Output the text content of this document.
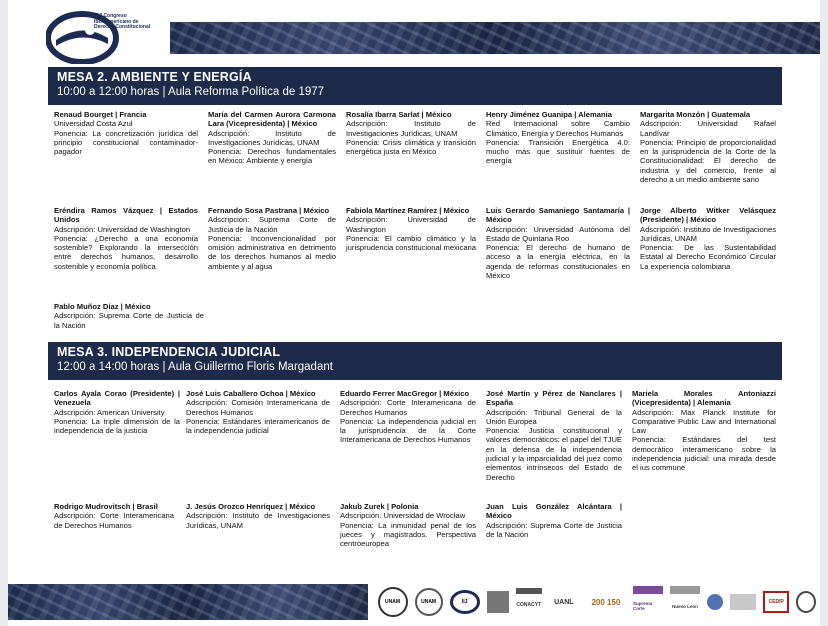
XVI Congreso Iberoamericano de Derecho Constitucional
MESA 2. AMBIENTE Y ENERGÍA
10:00 a 12:00 horas | Aula Reforma Política de 1977
Renaud Bourget | Francia
Universidad Costa Azul
Ponencia: La concretización jurídica del principio constitucional contaminador-pagador
María del Carmen Aurora Carmona Lara (Vicepresidenta) | México
Adscripción: Instituto de Investigaciones Jurídicas, UNAM
Ponencia: Derechos fundamentales en México: Ambiente y energía
Rosalía Ibarra Sarlat | México
Adscripción: Instituto de Investigaciones Jurídicas, UNAM
Ponencia: Crisis climática y transición energética justa en México
Henry Jiménez Guanipa | Alemania
Red Internacional sobre Cambio Climático, Energía y Derechos Humanos
Ponencia: Transición Energética 4.0: mucho más que sustituir fuentes de energía
Margarita Monzón | Guatemala
Adscripción: Universidad Rafael Landívar
Ponencia: Principio de proporcionalidad en la jurisprudencia de la Corte de la Constitucionalidad: El derecho de industria y del comercio, frente al derecho a un medio ambiente sano
Eréndira Ramos Vázquez | Estados Unidos
Adscripción: Universidad de Washington
Ponencia: ¿Derecho a una economía sostenible? Explorando la intersección entre derechos humanos, desarrollo sostenible y economía política
Fernando Sosa Pastrana | México
Adscripción: Suprema Corte de Justicia de la Nación
Ponencia: Inconvencionalidad por omisión administrativa en detrimento de los derechos humanos al medio ambiente y al agua
Fabiola Martínez Ramírez | México
Adscripción: Universidad de Washington
Ponencia: El cambio climático y la jurisprudencia constitucional mexicana
Luis Gerardo Samaniego Santamaría | México
Adscripción: Universidad Autónoma del Estado de Quintana Roo
Ponencia: El derecho de humano de acceso a la energía eléctrica, en la agenda de reformas constitucionales en México
Jorge Alberto Witker Velásquez (Presidente) | México
Adscripción: Instituto de Investigaciones Jurídicas, UNAM
Ponencia: De las Sustentabilidad Estatal al Derecho Económico Circular La experiencia colombiana
Pablo Muñoz Díaz | México
Adscripción: Suprema Corte de Justicia de la Nación
MESA 3. INDEPENDENCIA JUDICIAL
12:00 a 14:00 horas | Aula Guillermo Floris Margadant
Carlos Ayala Corao (Presidente) | Venezuela
Adscripción: American University
Ponencia: La triple dimensión de la independencia de la justicia
José Luis Caballero Ochoa | México
Adscripción: Comisión Interamericana de Derechos Humanos
Ponencia: Estándares interamericanos de la independencia judicial
Eduardo Ferrer MacGregor | México
Adscripción: Corte Interamericana de Derechos Humanos
Ponencia: La independencia judicial en la jurisprudencia de la Corte Interamericana de Derechos Humanos
José Martín y Pérez de Nanclares | España
Adscripción: Tribunal General de la Unión Europea
Ponencia: Justicia constitucional y valores democráticos: el papel del TJUE en la defensa de la independencia judicial y la imparcialidad del juez como elementos intrínsecos del Estado de Derecho
Mariela Morales Antoniazzi (Vicepresidenta) | Alemania
Adscripción: Max Planck Institute for Comparative Public Law and International Law
Ponencia: Estándares del test democrático interamericano sobre la independencia judicial: una mirada desde el ius commune
Rodrigo Mudrovitsch | Brasil
Adscripción: Corte Interamericana de Derechos Humanos
J. Jesús Orozco Henríquez | México
Adscripción: Instituto de Investigaciones Jurídicas, UNAM
Jakub Zurek | Polonia
Adscripción: Universidad de Wrocław
Ponencia: La inmunidad penal de los jueces y magistrados. Perspectiva centroeuropea
Juan Luis González Alcántara | México
Adscripción: Suprema Corte de Justicia de la Nación
UNAM	UNAM	IIJ	CONACYT UANL 200 150	Suprema Corte	Nuevo León
CEDIP
